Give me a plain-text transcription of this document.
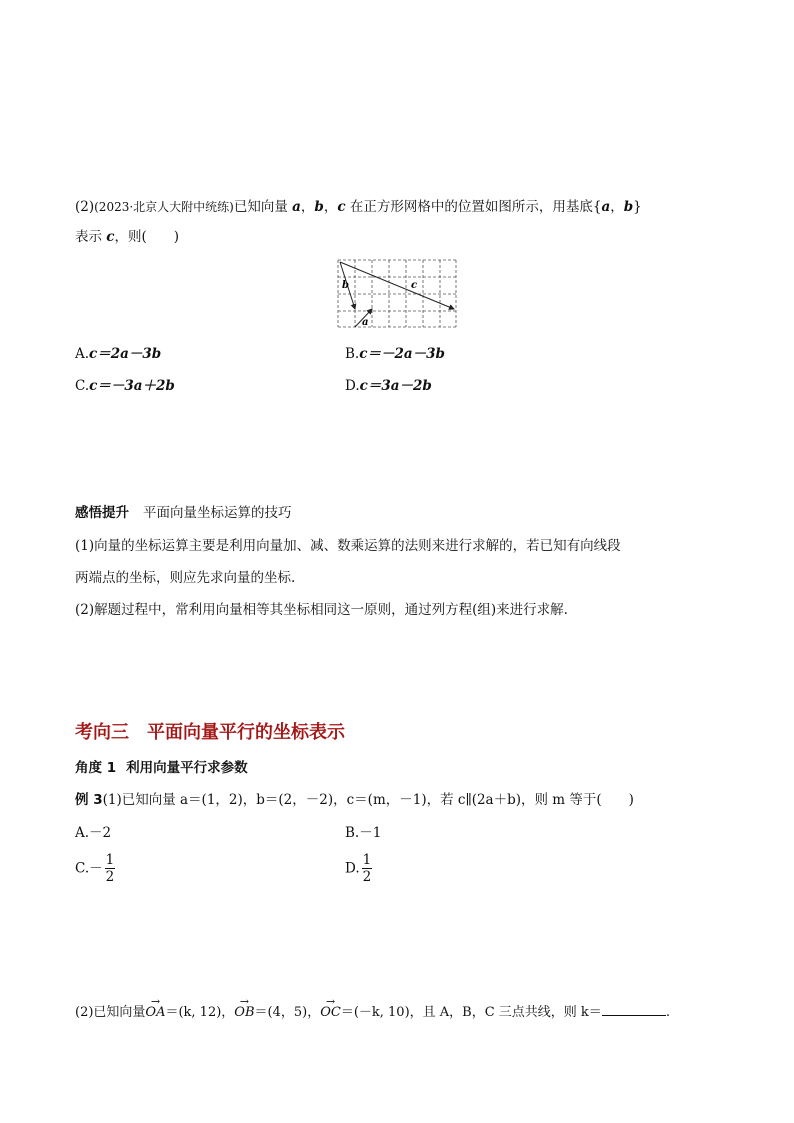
(2)(2023·北京人大附中统练)已知向量 a，b，c 在正方形网格中的位置如图所示，用基底{a，b}
表示 c，则(　　)
b	c
a
A.c＝2a－3b	B.c＝－2a－3b
C.c＝－3a＋2b	D.c＝3a－2b
感悟提升 平面向量坐标运算的技巧
(1)向量的坐标运算主要是利用向量加、减、数乘运算的法则来进行求解的，若已知有向线段
两端点的坐标，则应先求向量的坐标.
(2)解题过程中，常利用向量相等其坐标相同这一原则，通过列方程(组)来进行求解.
考向三　平面向量平行的坐标表示
角度 1 利用向量平行求参数
例 3(1)已知向量 a＝(1，2)，b＝(2，－2)，c＝(m，－1)，若 c∥(2a＋b)，则 m 等于(　　)
A.－2	B.－1
$C.- \frac{1}{2}$	D. $\frac{1}{2}$
(2)已知向量→ OA＝(k, 12)，→ OB＝(4，5)，→ OC＝(－k, 10)，且 A，B，C 三点共线，则 k＝	.
